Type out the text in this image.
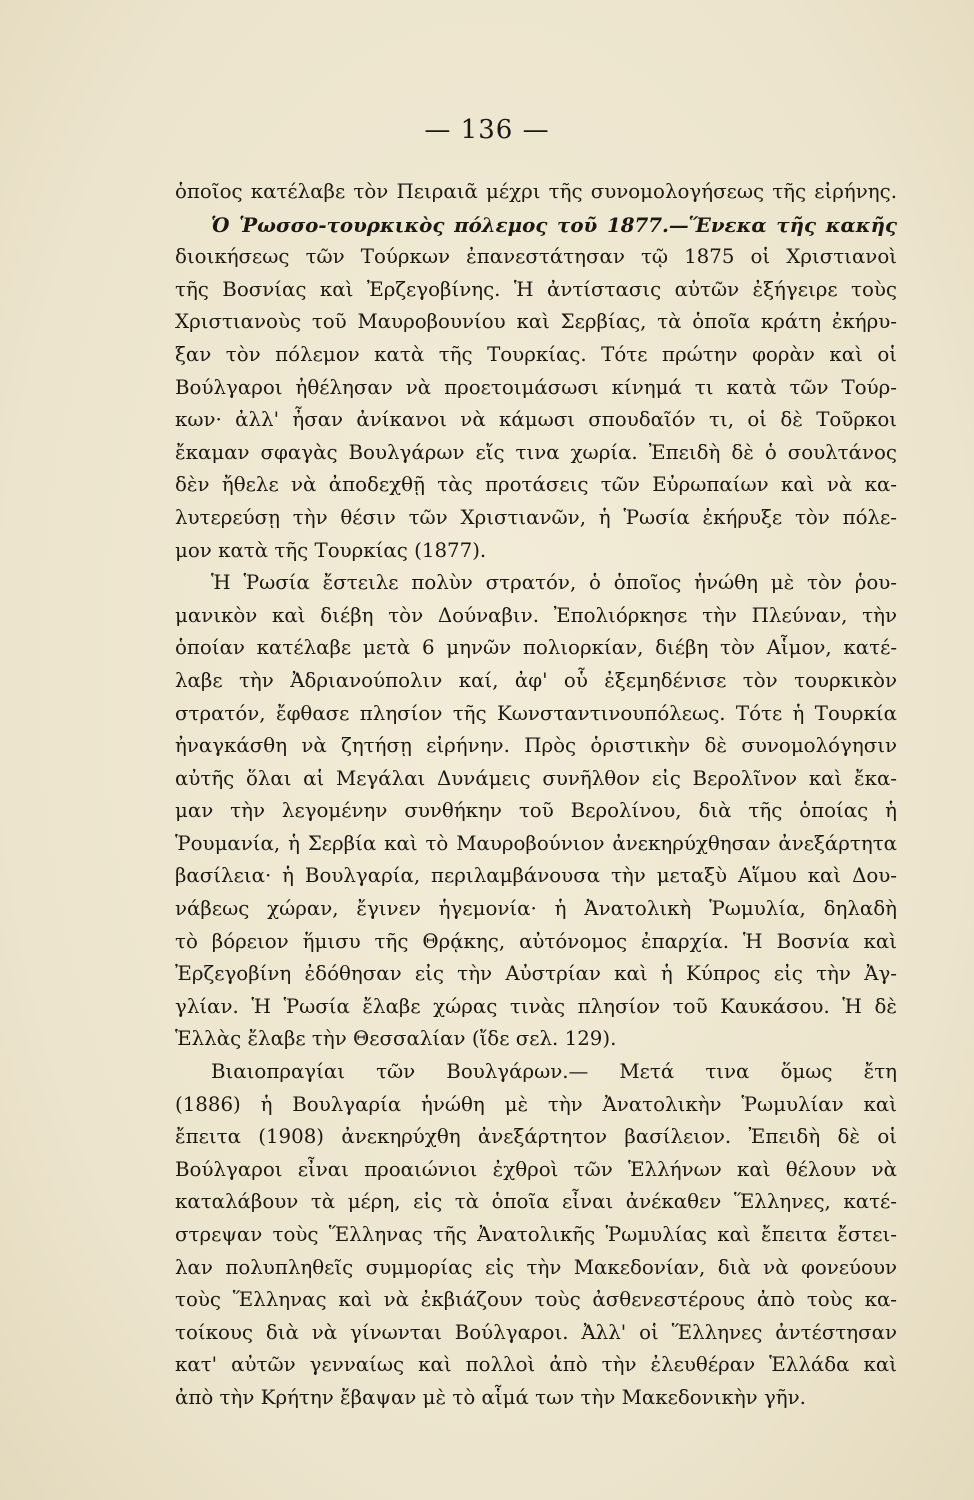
— 136 —
ὁποῖος κατέλαβε τὸν Πειραιᾶ μέχρι τῆς συνομολογήσεως τῆς εἰρήνης.
Ὁ Ῥωσσο-τουρκικὸς πόλεμος τοῦ 1877.—Ἕνεκα τῆς κακῆς
διοικήσεως τῶν Τούρκων ἐπανεστάτησαν τῷ 1875 οἱ Χριστιανοὶ
τῆς Βοσνίας καὶ Ἐρζεγοβίνης. Ἡ ἀντίστασις αὐτῶν ἐξήγειρε τοὺς
Χριστιανοὺς τοῦ Μαυροβουνίου καὶ Σερβίας, τὰ ὁποῖα κράτη ἐκήρυ-
ξαν τὸν πόλεμον κατὰ τῆς Τουρκίας. Τότε πρώτην φορὰν καὶ οἱ
Βούλγαροι ἠθέλησαν νὰ προετοιμάσωσι κίνημά τι κατὰ τῶν Τούρ-
κων· ἀλλ' ἦσαν ἀνίκανοι νὰ κάμωσι σπουδαῖόν τι, οἱ δὲ Τοῦρκοι
ἔκαμαν σφαγὰς Βουλγάρων εἴς τινα χωρία. Ἐπειδὴ δὲ ὁ σουλτάνος
δὲν ἤθελε νὰ ἀποδεχθῇ τὰς προτάσεις τῶν Εὐρωπαίων καὶ νὰ κα-
λυτερεύσῃ τὴν θέσιν τῶν Χριστιανῶν, ἡ Ῥωσία ἐκήρυξε τὸν πόλε-
μον κατὰ τῆς Τουρκίας (1877).
Ἡ Ῥωσία ἔστειλε πολὺν στρατόν, ὁ ὁποῖος ἡνώθη μὲ τὸν ῥου-
μανικὸν καὶ διέβη τὸν Δούναβιν. Ἐπολιόρκησε τὴν Πλεύναν, τὴν
ὁποίαν κατέλαβε μετὰ 6 μηνῶν πολιορκίαν, διέβη τὸν Αἷμον, κατέ-
λαβε τὴν Ἀδριανούπολιν καί, ἀφ' οὗ ἐξεμηδένισε τὸν τουρκικὸν
στρατόν, ἔφθασε πλησίον τῆς Κωνσταντινουπόλεως. Τότε ἡ Τουρκία
ἠναγκάσθη νὰ ζητήσῃ εἰρήνην. Πρὸς ὁριστικὴν δὲ συνομολόγησιν
αὐτῆς ὅλαι αἱ Μεγάλαι Δυνάμεις συνῆλθον εἰς Βερολῖνον καὶ ἔκα-
μαν τὴν λεγομένην συνθήκην τοῦ Βερολίνου, διὰ τῆς ὁποίας ἡ
Ῥουμανία, ἡ Σερβία καὶ τὸ Μαυροβούνιον ἀνεκηρύχθησαν ἀνεξάρτητα
βασίλεια· ἡ Βουλγαρία, περιλαμβάνουσα τὴν μεταξὺ Αἵμου καὶ Δου-
νάβεως χώραν, ἔγινεν ἡγεμονία· ἡ Ἀνατολικὴ Ῥωμυλία, δηλαδὴ
τὸ βόρειον ἥμισυ τῆς Θρᾴκης, αὐτόνομος ἐπαρχία. Ἡ Βοσνία καὶ
Ἐρζεγοβίνη ἐδόθησαν εἰς τὴν Αὐστρίαν καὶ ἡ Κύπρος εἰς τὴν Ἀγ-
γλίαν. Ἡ Ῥωσία ἔλαβε χώρας τινὰς πλησίον τοῦ Καυκάσου. Ἡ δὲ
Ἑλλὰς ἔλαβε τὴν Θεσσαλίαν (ἴδε σελ. 129).
Βιαιοπραγίαι τῶν Βουλγάρων.— Μετά τινα ὅμως ἔτη
(1886) ἡ Βουλγαρία ἡνώθη μὲ τὴν Ἀνατολικὴν Ῥωμυλίαν καὶ
ἔπειτα (1908) ἀνεκηρύχθη ἀνεξάρτητον βασίλειον. Ἐπειδὴ δὲ οἱ
Βούλγαροι εἶναι προαιώνιοι ἐχθροὶ τῶν Ἑλλήνων καὶ θέλουν νὰ
καταλάβουν τὰ μέρη, εἰς τὰ ὁποῖα εἶναι ἀνέκαθεν Ἕλληνες, κατέ-
στρεψαν τοὺς Ἕλληνας τῆς Ἀνατολικῆς Ῥωμυλίας καὶ ἔπειτα ἔστει-
λαν πολυπληθεῖς συμμορίας εἰς τὴν Μακεδονίαν, διὰ νὰ φονεύουν
τοὺς Ἕλληνας καὶ νὰ ἐκβιάζουν τοὺς ἀσθενεστέρους ἀπὸ τοὺς κα-
τοίκους διὰ νὰ γίνωνται Βούλγαροι. Ἀλλ' οἱ Ἕλληνες ἀντέστησαν
κατ' αὐτῶν γενναίως καὶ πολλοὶ ἀπὸ τὴν ἐλευθέραν Ἑλλάδα καὶ
ἀπὸ τὴν Κρήτην ἔβαψαν μὲ τὸ αἷμά των τὴν Μακεδονικὴν γῆν.
